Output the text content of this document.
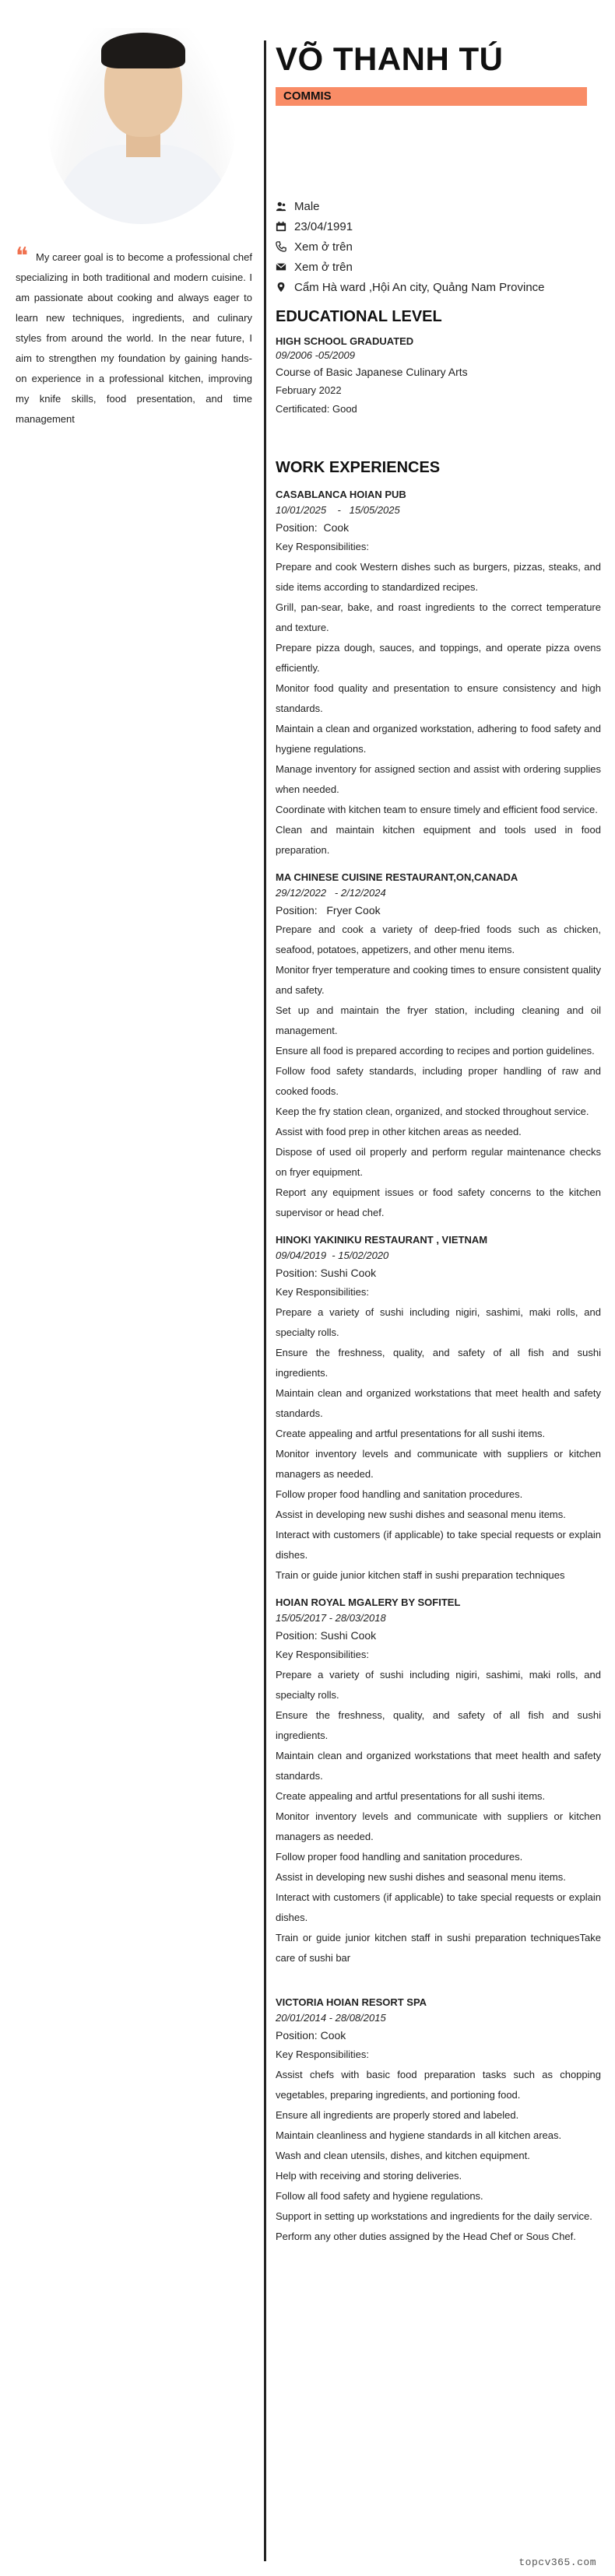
❝ My career goal is to become a professional chef specializing in both traditional and modern cuisine. I am passionate about cooking and always eager to learn new techniques, ingredients, and culinary styles from around the world. In the near future, I aim to strengthen my foundation by gaining hands-on experience in a professional kitchen, improving my knife skills, food presentation, and time management

VÕ THANH TÚ
COMMIS
Male
23/04/1991
Xem ở trên
Xem ở trên
Cẩm Hà ward ,Hội An city, Quảng Nam Province
EDUCATIONAL LEVEL
HIGH SCHOOL GRADUATED
09/2006 -05/2009
Course of Basic Japanese Culinary Arts
February 2022
Certificated: Good
WORK EXPERIENCES
CASABLANCA HOIAN PUB
10/01/2025    -   15/05/2025
Position:  Cook
Key Responsibilities:
Prepare and cook Western dishes such as burgers, pizzas, steaks, and side items according to standardized recipes.
Grill, pan-sear, bake, and roast ingredients to the correct temperature and texture.
Prepare pizza dough, sauces, and toppings, and operate pizza ovens efficiently.
Monitor food quality and presentation to ensure consistency and high standards.
Maintain a clean and organized workstation, adhering to food safety and hygiene regulations.
Manage inventory for assigned section and assist with ordering supplies when needed.
Coordinate with kitchen team to ensure timely and efficient food service.
Clean and maintain kitchen equipment and tools used in food preparation.
MA CHINESE CUISINE RESTAURANT,ON,CANADA
29/12/2022   - 2/12/2024
Position:   Fryer Cook
Prepare and cook a variety of deep-fried foods such as chicken, seafood, potatoes, appetizers, and other menu items.
Monitor fryer temperature and cooking times to ensure consistent quality and safety.
Set up and maintain the fryer station, including cleaning and oil management.
Ensure all food is prepared according to recipes and portion guidelines.
Follow food safety standards, including proper handling of raw and cooked foods.
Keep the fry station clean, organized, and stocked throughout service.
Assist with food prep in other kitchen areas as needed.
Dispose of used oil properly and perform regular maintenance checks on fryer equipment.
Report any equipment issues or food safety concerns to the kitchen supervisor or head chef.
HINOKI YAKINIKU RESTAURANT , VIETNAM
09/04/2019  - 15/02/2020
Position: Sushi Cook
Key Responsibilities:
Prepare a variety of sushi including nigiri, sashimi, maki rolls, and specialty rolls.
Ensure the freshness, quality, and safety of all fish and sushi ingredients.
Maintain clean and organized workstations that meet health and safety standards.
Create appealing and artful presentations for all sushi items.
Monitor inventory levels and communicate with suppliers or kitchen managers as needed.
Follow proper food handling and sanitation procedures.
Assist in developing new sushi dishes and seasonal menu items.
Interact with customers (if applicable) to take special requests or explain dishes.
Train or guide junior kitchen staff in sushi preparation techniques
HOIAN ROYAL MGALERY BY SOFITEL
15/05/2017 - 28/03/2018
Position: Sushi Cook
Key Responsibilities:
Prepare a variety of sushi including nigiri, sashimi, maki rolls, and specialty rolls.
Ensure the freshness, quality, and safety of all fish and sushi ingredients.
Maintain clean and organized workstations that meet health and safety standards.
Create appealing and artful presentations for all sushi items.
Monitor inventory levels and communicate with suppliers or kitchen managers as needed.
Follow proper food handling and sanitation procedures.
Assist in developing new sushi dishes and seasonal menu items.
Interact with customers (if applicable) to take special requests or explain dishes.
Train or guide junior kitchen staff in sushi preparation techniquesTake care of sushi bar
VICTORIA HOIAN RESORT SPA
20/01/2014 - 28/08/2015
Position: Cook
Key Responsibilities:
Assist chefs with basic food preparation tasks such as chopping vegetables, preparing ingredients, and portioning food.
Ensure all ingredients are properly stored and labeled.
Maintain cleanliness and hygiene standards in all kitchen areas.
Wash and clean utensils, dishes, and kitchen equipment.
Help with receiving and storing deliveries.
Follow all food safety and hygiene regulations.
Support in setting up workstations and ingredients for the daily service.
Perform any other duties assigned by the Head Chef or Sous Chef.
topcv365.com
